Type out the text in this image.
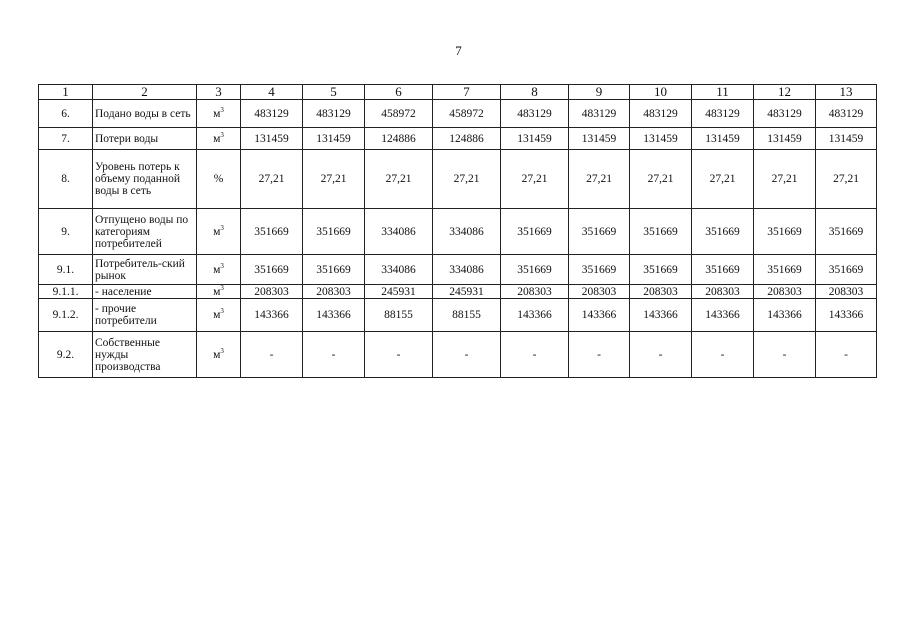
7
1	2	3	4	5	6	7	8	9	10	11	12	13
6.	Подано воды в сеть	$м^3$	483129	483129	458972	458972	483129	483129	483129	483129	483129	483129
7.	Потери воды	$м^3$	131459	131459	124886	124886	131459	131459	131459	131459	131459	131459
8.	Уровень потерь к объему поданной воды в сеть	%	27,21	27,21	27,21	27,21	27,21	27,21	27,21	27,21	27,21	27,21
9.	Отпущено воды по категориям потребителей	$м^3$	351669	351669	334086	334086	351669	351669	351669	351669	351669	351669
9.1.	Потребитель-ский рынок	$м^3$	351669	351669	334086	334086	351669	351669	351669	351669	351669	351669
9.1.1.	- население	$м^3$	208303	208303	245931	245931	208303	208303	208303	208303	208303	208303
9.1.2.	- прочие потребители	$м^3$	143366	143366	88155	88155	143366	143366	143366	143366	143366	143366
9.2.	Собственные нужды производства	$м^3$	-	-	-	-	-	-	-	-	-	-
